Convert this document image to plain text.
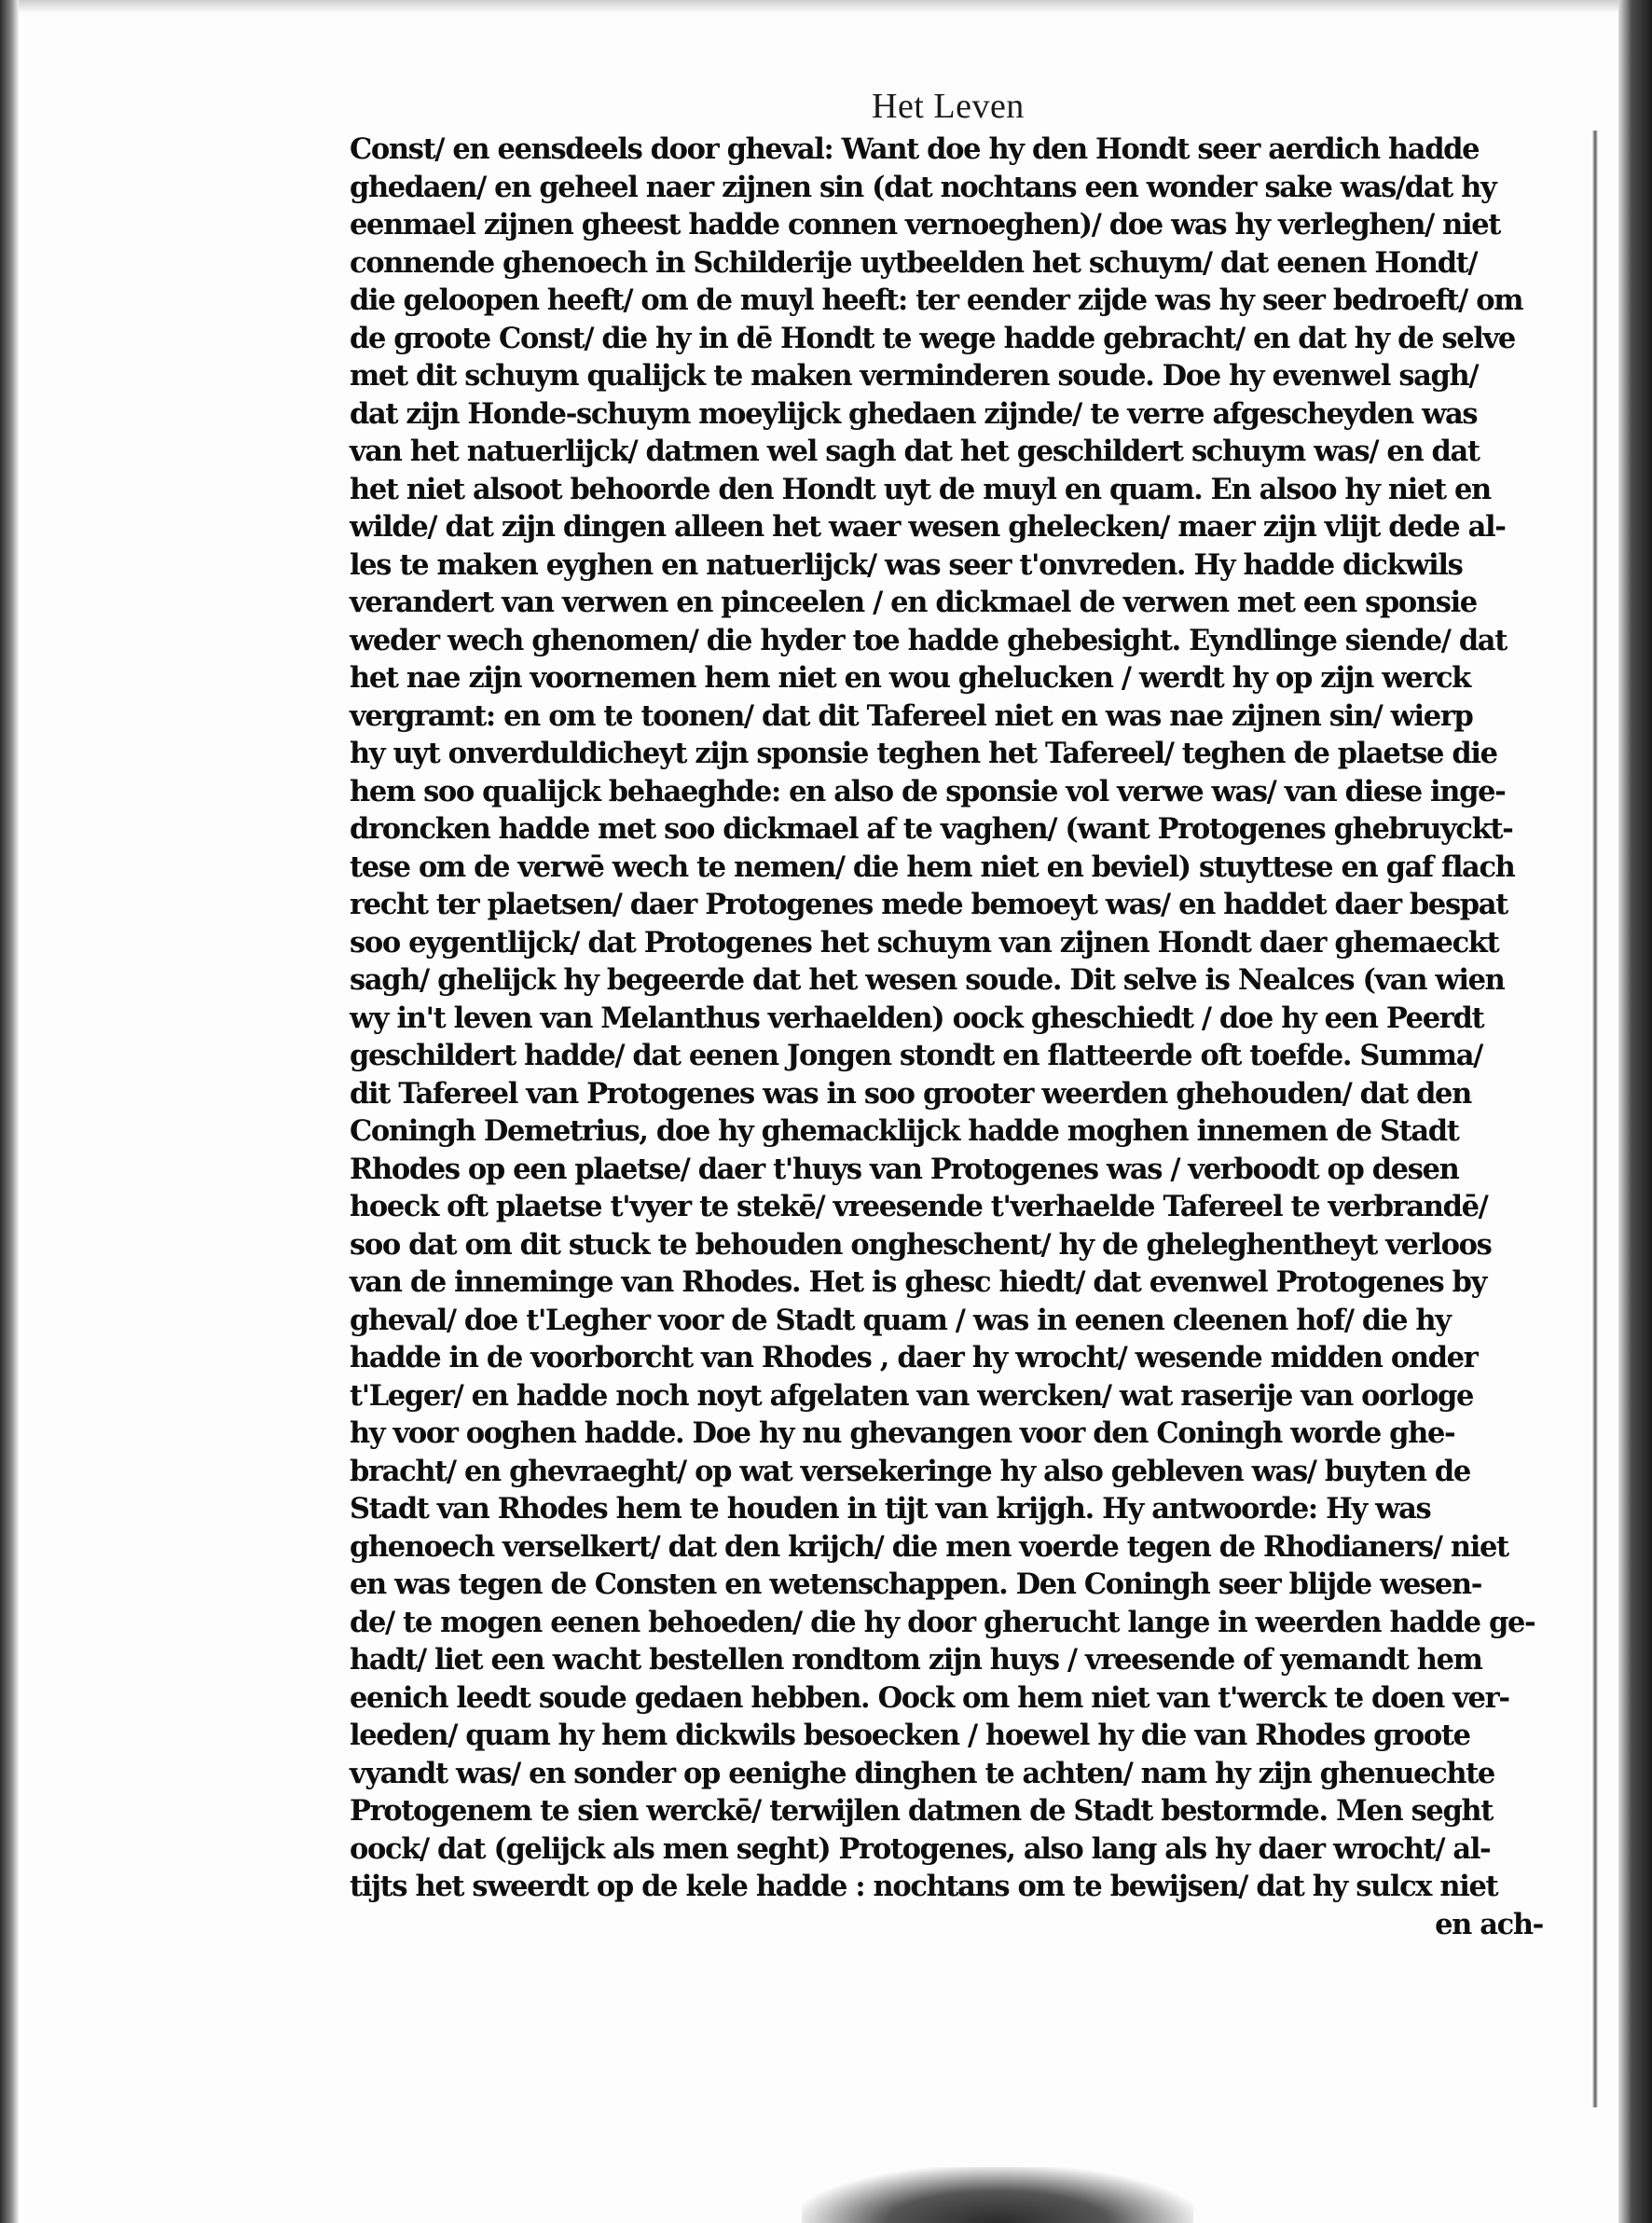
Het Leven
Const/ en eensdeels door gheval: Want doe hy den Hondt seer aerdich hadde
ghedaen/ en geheel naer zijnen sin (dat nochtans een wonder sake was/dat hy
eenmael zijnen gheest hadde connen vernoeghen)/ doe was hy verleghen/ niet
connende ghenoech in Schilderije uytbeelden het schuym/ dat eenen Hondt/
die geloopen heeft/ om de muyl heeft: ter eender zijde was hy seer bedroeft/ om
de groote Const/ die hy in dē Hondt te wege hadde gebracht/ en dat hy de selve
met dit schuym qualijck te maken verminderen soude. Doe hy evenwel sagh/
dat zijn Honde-schuym moeylijck ghedaen zijnde/ te verre afgescheyden was
van het natuerlijck/ datmen wel sagh dat het geschildert schuym was/ en dat
het niet alsoot behoorde den Hondt uyt de muyl en quam. En alsoo hy niet en
wilde/ dat zijn dingen alleen het waer wesen ghelecken/ maer zijn vlijt dede al-
les te maken eyghen en natuerlijck/ was seer t'onvreden. Hy hadde dickwils
verandert van verwen en pinceelen / en dickmael de verwen met een sponsie
weder wech ghenomen/ die hyder toe hadde ghebesight. Eyndlinge siende/ dat
het nae zijn voornemen hem niet en wou ghelucken / werdt hy op zijn werck
vergramt: en om te toonen/ dat dit Tafereel niet en was nae zijnen sin/ wierp
hy uyt onverduldicheyt zijn sponsie teghen het Tafereel/ teghen de plaetse die
hem soo qualijck behaeghde: en also de sponsie vol verwe was/ van diese inge-
droncken hadde met soo dickmael af te vaghen/ (want Protogenes ghebruyckt-
tese om de verwē wech te nemen/ die hem niet en beviel) stuyttese en gaf flach
recht ter plaetsen/ daer Protogenes mede bemoeyt was/ en haddet daer bespat
soo eygentlijck/ dat Protogenes het schuym van zijnen Hondt daer ghemaeckt
sagh/ ghelijck hy begeerde dat het wesen soude. Dit selve is Nealces (van wien
wy in't leven van Melanthus verhaelden) oock gheschiedt / doe hy een Peerdt
geschildert hadde/ dat eenen Jongen stondt en flatteerde oft toefde. Summa/
dit Tafereel van Protogenes was in soo grooter weerden ghehouden/ dat den
Coningh Demetrius, doe hy ghemacklijck hadde moghen innemen de Stadt
Rhodes op een plaetse/ daer t'huys van Protogenes was / verboodt op desen
hoeck oft plaetse t'vyer te stekē/ vreesende t'verhaelde Tafereel te verbrandē/
soo dat om dit stuck te behouden ongheschent/ hy de gheleghentheyt verloos
van de inneminge van Rhodes. Het is ghesc hiedt/ dat evenwel Protogenes by
gheval/ doe t'Legher voor de Stadt quam / was in eenen cleenen hof/ die hy
hadde in de voorborcht van Rhodes , daer hy wrocht/ wesende midden onder
t'Leger/ en hadde noch noyt afgelaten van wercken/ wat raserije van oorloge
hy voor ooghen hadde. Doe hy nu ghevangen voor den Coningh worde ghe-
bracht/ en ghevraeght/ op wat versekeringe hy also gebleven was/ buyten de
Stadt van Rhodes hem te houden in tijt van krijgh. Hy antwoorde: Hy was
ghenoech verselkert/ dat den krijch/ die men voerde tegen de Rhodianers/ niet
en was tegen de Consten en wetenschappen. Den Coningh seer blijde wesen-
de/ te mogen eenen behoeden/ die hy door gherucht lange in weerden hadde ge-
hadt/ liet een wacht bestellen rondtom zijn huys / vreesende of yemandt hem
eenich leedt soude gedaen hebben. Oock om hem niet van t'werck te doen ver-
leeden/ quam hy hem dickwils besoecken / hoewel hy die van Rhodes groote
vyandt was/ en sonder op eenighe dinghen te achten/ nam hy zijn ghenuechte
Protogenem te sien werckē/ terwijlen datmen de Stadt bestormde. Men seght
oock/ dat (gelijck als men seght) Protogenes, also lang als hy daer wrocht/ al-
tijts het sweerdt op de kele hadde : nochtans om te bewijsen/ dat hy sulcx niet
en ach-
